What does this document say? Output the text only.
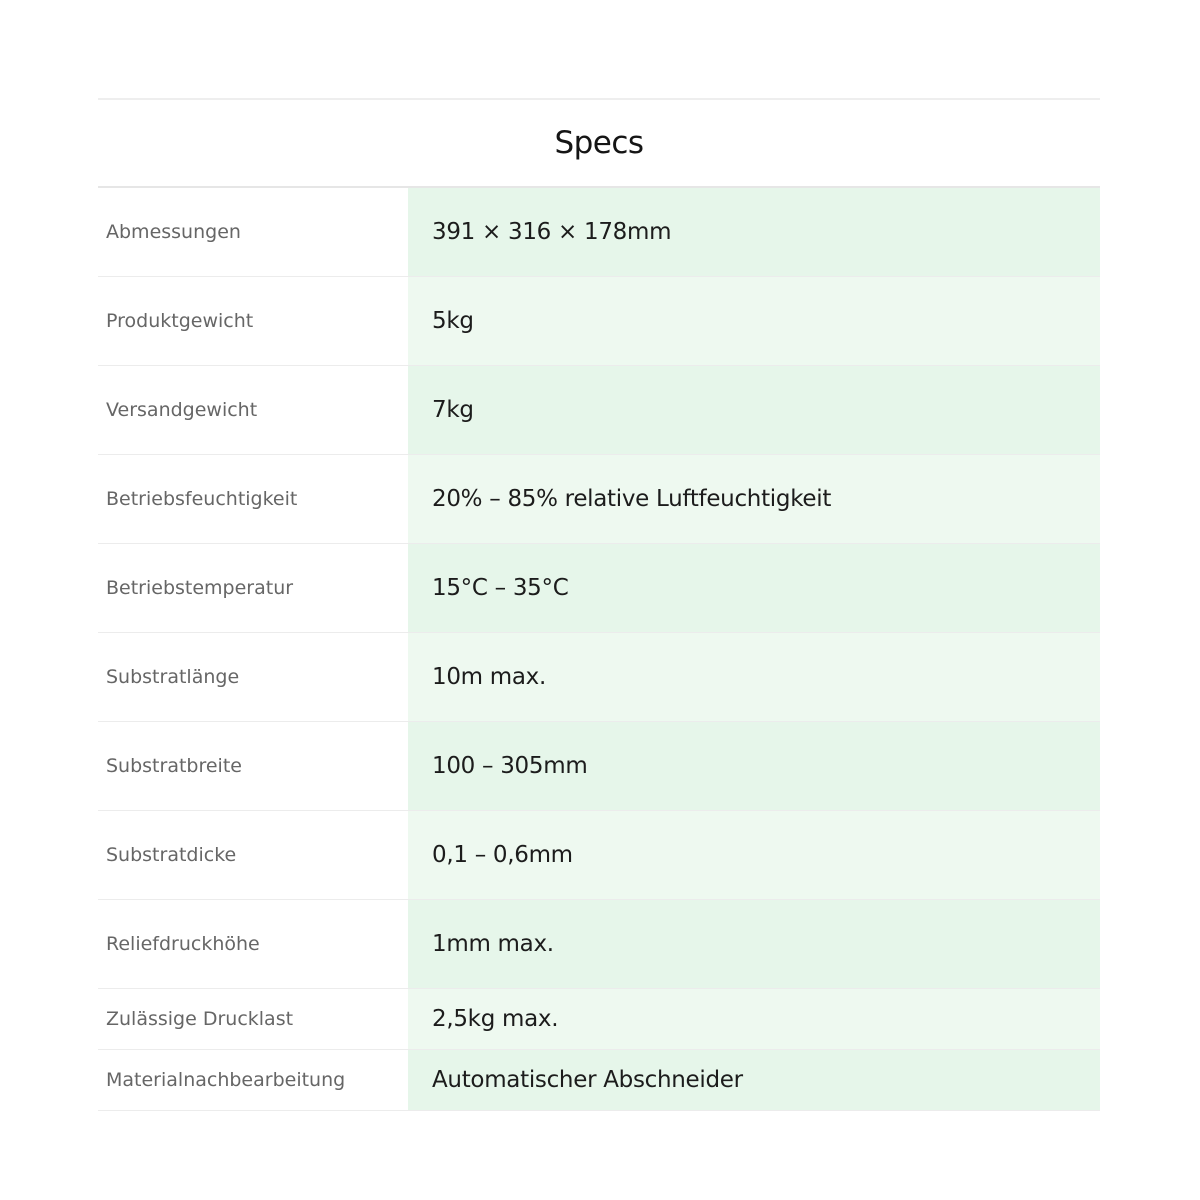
Specs
Abmessungen	391 × 316 × 178mm
Produktgewicht	5kg
Versandgewicht	7kg
Betriebsfeuchtigkeit	20% – 85% relative Luftfeuchtigkeit
Betriebstemperatur	15°C – 35°C
Substratlänge	10m max.
Substratbreite	100 – 305mm
Substratdicke	0,1 – 0,6mm
Reliefdruckhöhe	1mm max.
Zulässige Drucklast	2,5kg max.
Materialnachbearbeitung	Automatischer Abschneider
